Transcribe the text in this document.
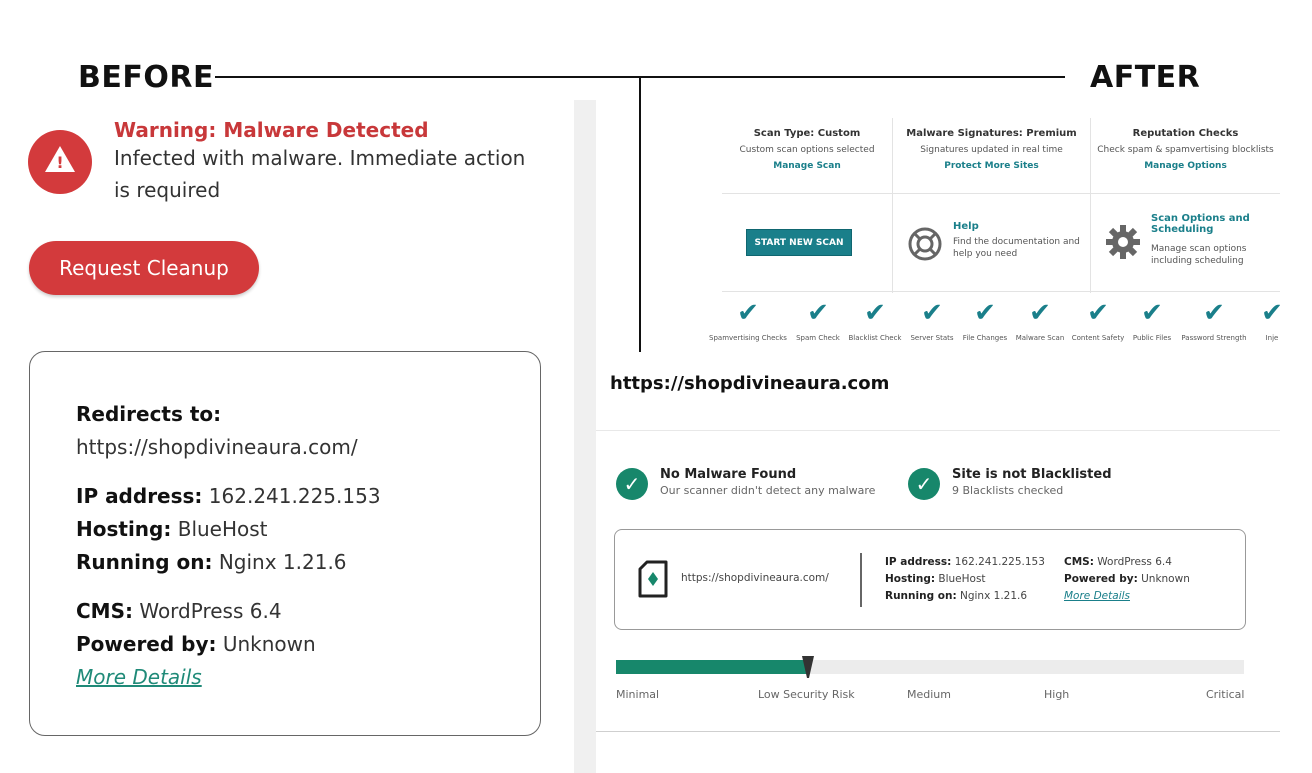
BEFORE	AFTER
!
Warning: Malware Detected
Infected with malware. Immediate action
is required
Request Cleanup
Redirects to:
https://shopdivineaura.com/
IP address: 162.241.225.153
Hosting: BlueHost
Running on: Nginx 1.21.6
CMS: WordPress 6.4
Powered by: Unknown
More Details
Scan Type: Custom
Custom scan options selected
Manage Scan
Malware Signatures: Premium
Signatures updated in real time
Protect More Sites
Reputation Checks
Check spam & spamvertising blocklists
Manage Options
START NEW SCAN
Help
Find the documentation and
help you need
Scan Options and
Scheduling
Manage scan options
including scheduling
✔
Spamvertising Checks
✔
Spam Check
✔
Blacklist Check
✔
Server Stats
✔
File Changes
✔
Malware Scan
✔
Content Safety
✔
Public Files
✔
Password Strength
✔
Inje
https://shopdivineaura.com
✓	No Malware Found
Our scanner didn't detect any malware	✓	Site is not Blacklisted
9 Blacklists checked
https://shopdivineaura.com/
IP address: 162.241.225.153
Hosting: BlueHost
Running on: Nginx 1.21.6
CMS: WordPress 6.4
Powered by: Unknown
More Details
Minimal	Low Security Risk	Medium	High	Critical
